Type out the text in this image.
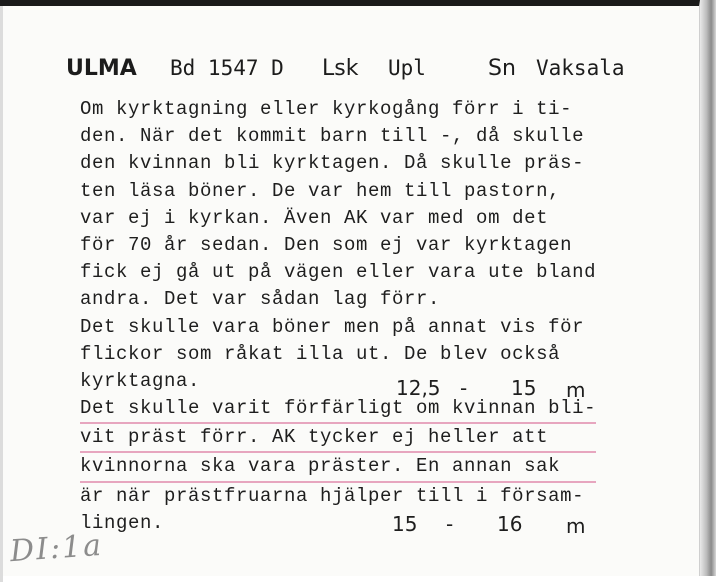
ULMA Bd 1547 D Lsk Upl	Sn Vaksala
Om kyrktagning eller kyrkogång förr i ti-
den. När det kommit barn till -, då skulle
den kvinnan bli kyrktagen. Då skulle präs-
ten läsa böner. De var hem till pastorn,
var ej i kyrkan. Även AK var med om det
för 70 år sedan. Den som ej var kyrktagen
fick ej gå ut på vägen eller vara ute bland
andra. Det var sådan lag förr.
Det skulle vara böner men på annat vis för
flickor som råkat illa ut. De blev också
kyrktagna.
Det skulle varit förfärligt om kvinnan bli-
vit präst förr. AK tycker ej heller att
kvinnorna ska vara präster. En annan sak
är när prästfruarna hjälper till i försam-
lingen.
12,5 - 15 m
15 - 16 m
DI:1a
